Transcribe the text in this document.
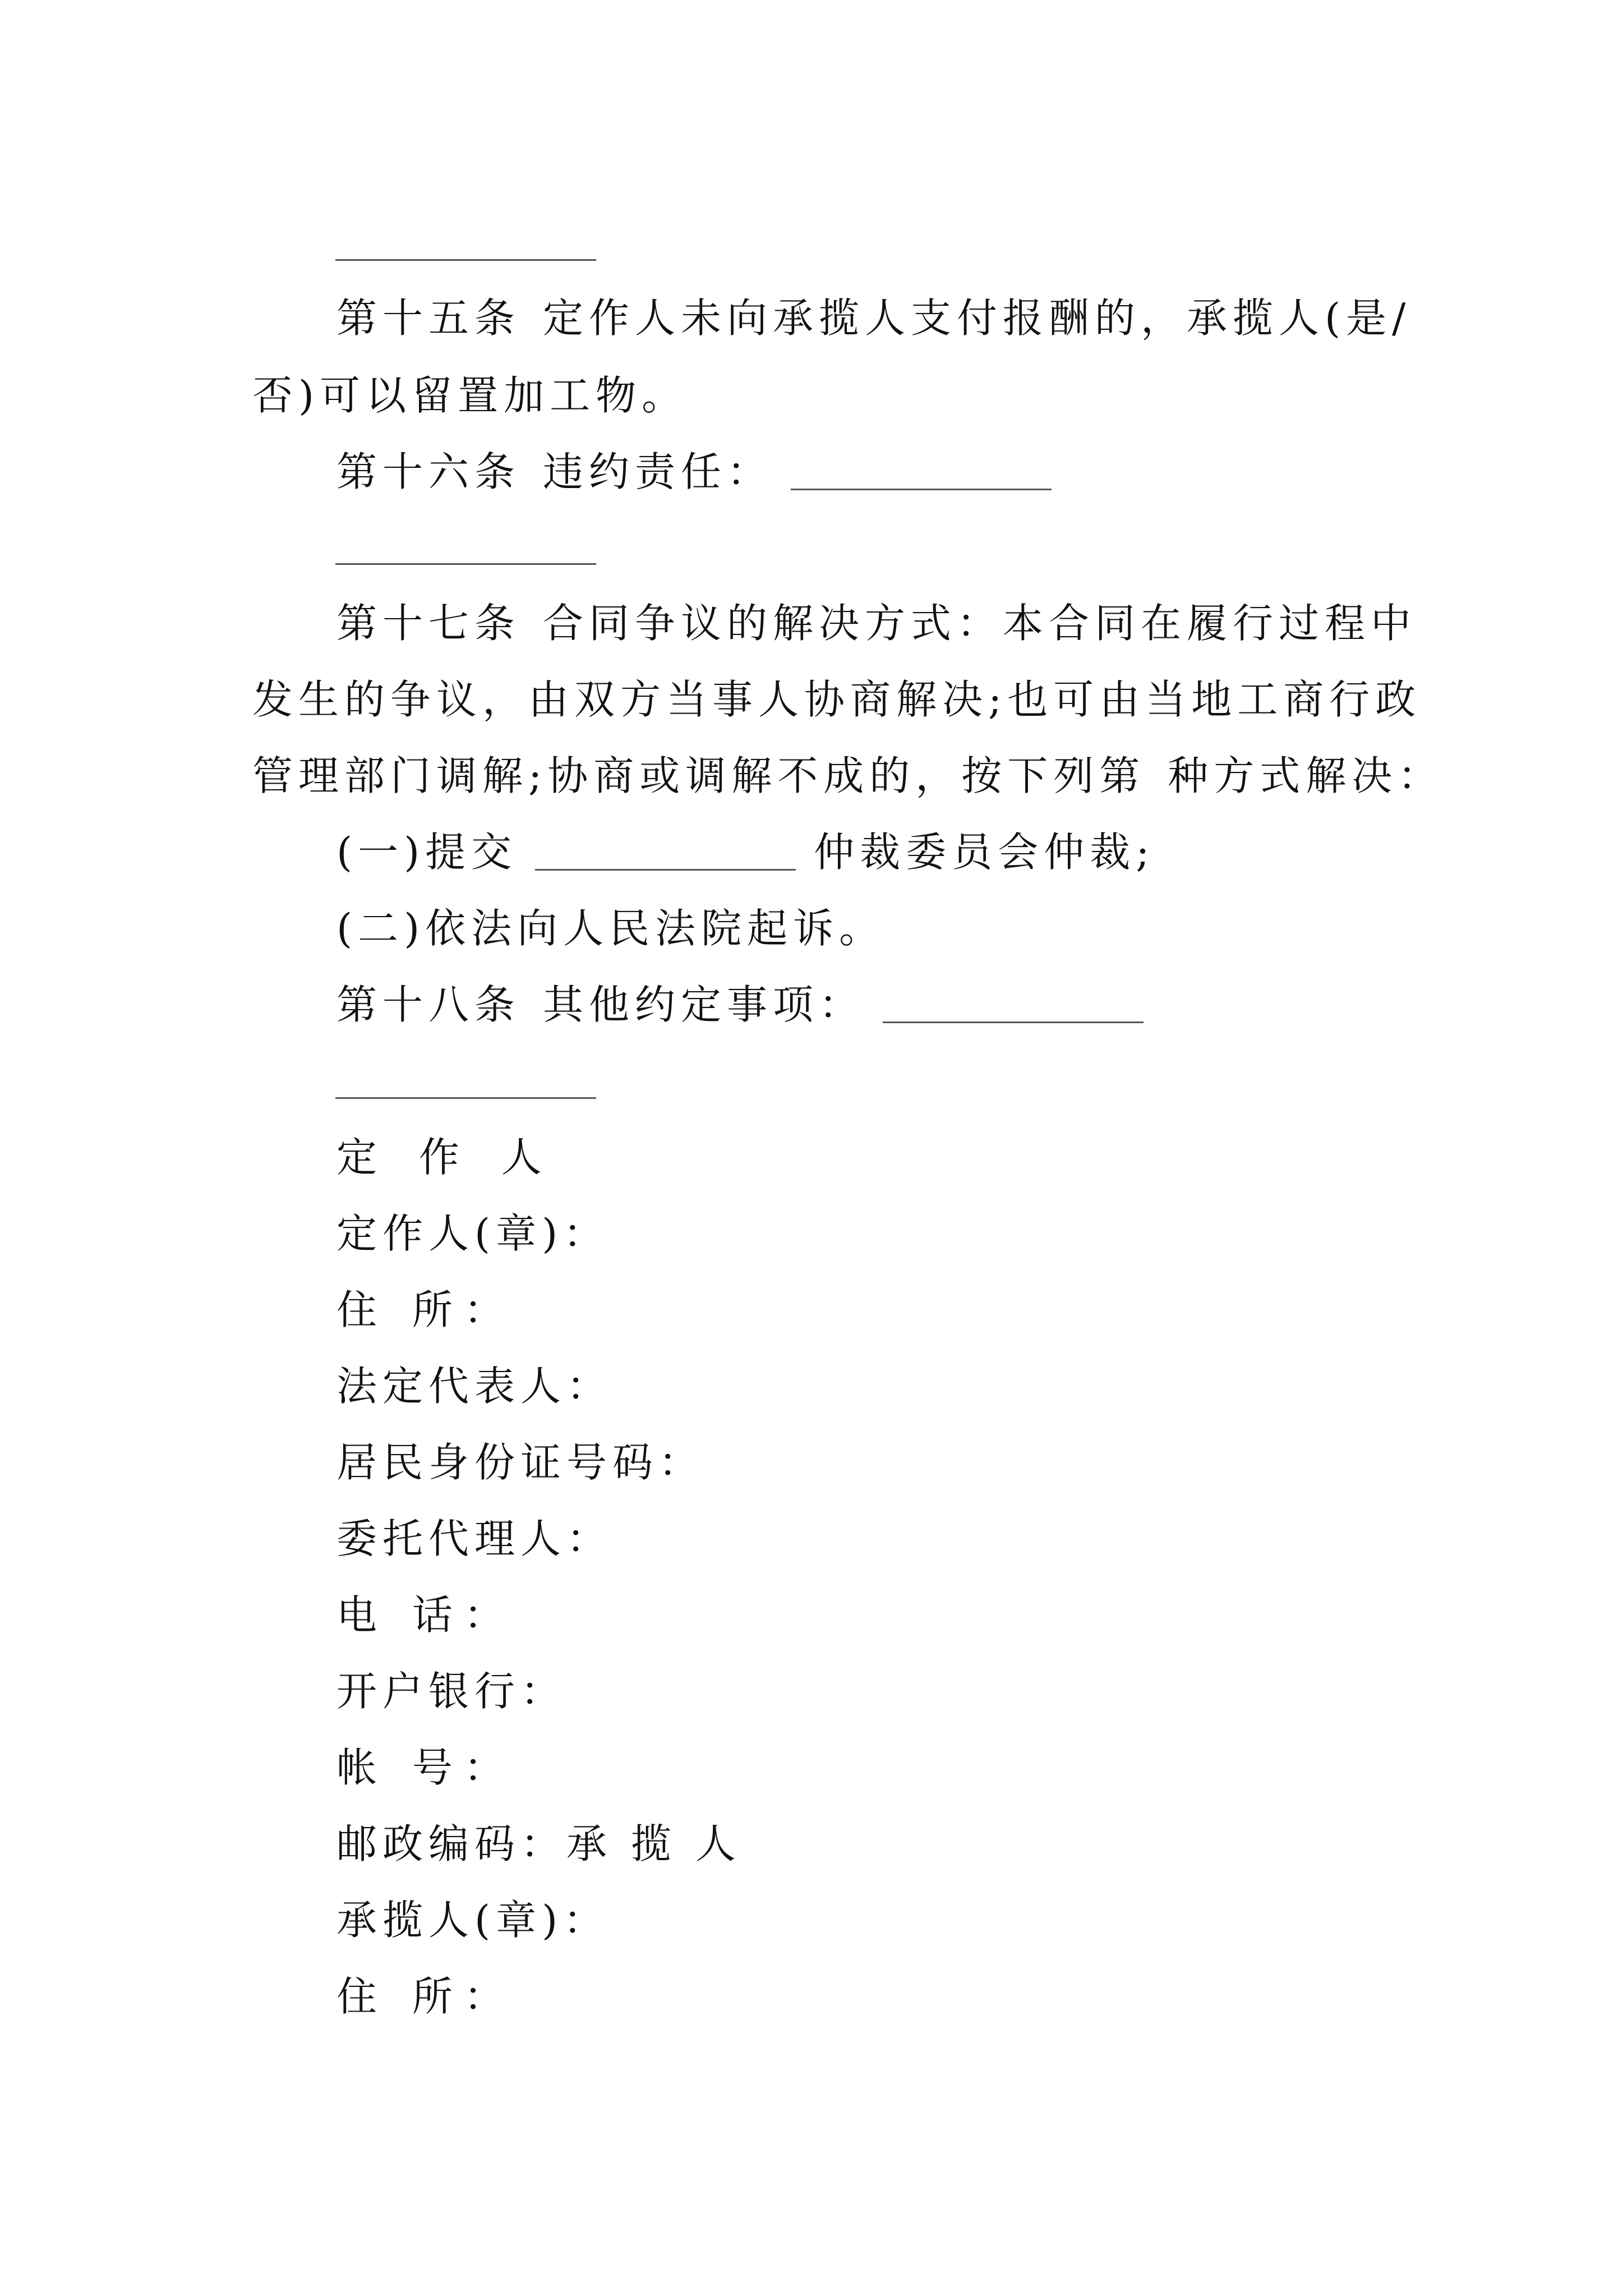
第十五条 定作人未向承揽人支付报酬的，承揽人(是/
否)可以留置加工物。
第十六条 违约责任：
第十七条 合同争议的解决方式：本合同在履行过程中
发生的争议，由双方当事人协商解决;也可由当地工商行政
管理部门调解;协商或调解不成的，按下列第 种方式解决：
(一)提交	仲裁委员会仲裁;
(二)依法向人民法院起诉。
第十八条 其他约定事项：
定 作 人
定作人(章)：
住 所：
法定代表人：
居民身份证号码：
委托代理人：
电 话：
开户银行：
帐 号：
邮政编码：承 揽 人
承揽人(章)：
住 所：
